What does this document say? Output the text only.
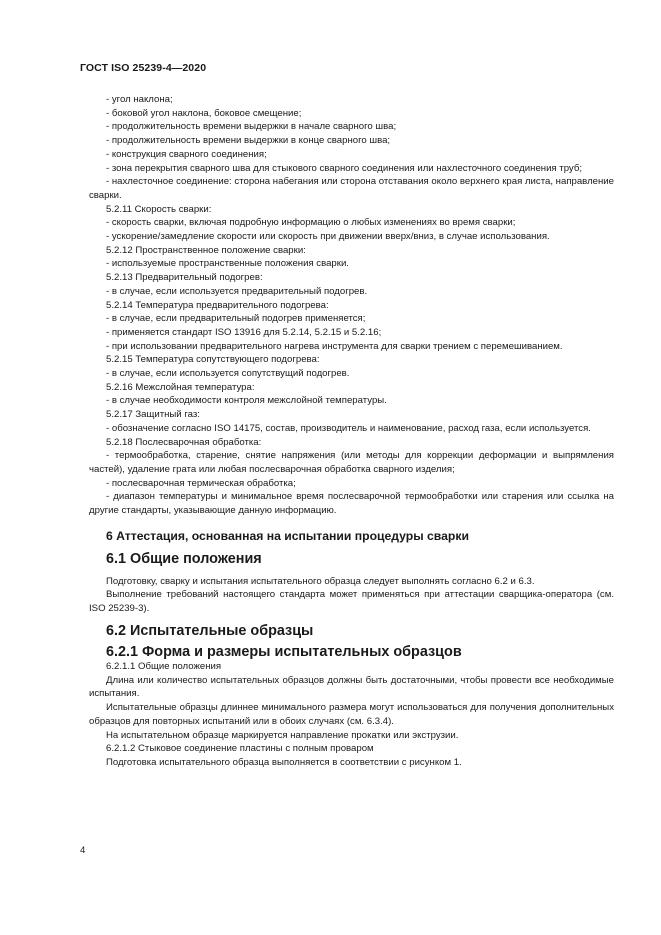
ГОСТ ISO 25239-4—2020

- угол наклона;

- боковой угол наклона, боковое смещение;

- продолжительность времени выдержки в начале сварного шва;

- продолжительность времени выдержки в конце сварного шва;

- конструкция сварного соединения;

- зона перекрытия сварного шва для стыкового сварного соединения или нахлесточного соединения труб;

- нахлесточное соединение: сторона набегания или сторона отставания около верхнего края листа, направление сварки.

5.2.11 Скорость сварки:

- скорость сварки, включая подробную информацию о любых изменениях во время сварки;

- ускорение/замедление скорости или скорость при движении вверх/вниз, в случае использования.

5.2.12 Пространственное положение сварки:

- используемые пространственные положения сварки.

5.2.13 Предварительный подогрев:

- в случае, если используется предварительный подогрев.

5.2.14 Температура предварительного подогрева:

- в случае, если предварительный подогрев применяется;

- применяется стандарт ISO 13916 для 5.2.14, 5.2.15 и 5.2.16;

- при использовании предварительного нагрева инструмента для сварки трением с перемешиванием.

5.2.15 Температура сопутствующего подогрева:

- в случае, если используется сопутствущий подогрев.

5.2.16 Межслойная температура:

- в случае необходимости контроля межслойной температуры.

5.2.17 Защитный газ:

- обозначение согласно ISO 14175, состав, производитель и наименование, расход газа, если используется.

5.2.18 Послесварочная обработка:

- термообработка, старение, снятие напряжения (или методы для коррекции деформации и выпрямления частей), удаление грата или любая послесварочная обработка сварного изделия;

- послесварочная термическая обработка;

- диапазон температуры и минимальное время послесварочной термообработки или старения или ссылка на другие стандарты, указывающие данную информацию.

6 Аттестация, основанная на испытании процедуры сварки
6.1 Общие положения

Подготовку, сварку и испытания испытательного образца следует выполнять согласно 6.2 и 6.3.

Выполнение требований настоящего стандарта может применяться при аттестации сварщика-оператора (см. ISO 25239-3).

6.2 Испытательные образцы
6.2.1 Форма и размеры испытательных образцов

6.2.1.1 Общие положения

Длина или количество испытательных образцов должны быть достаточными, чтобы провести все необходимые испытания.

Испытательные образцы длиннее минимального размера могут использоваться для получения дополнительных образцов для повторных испытаний или в обоих случаях (см. 6.3.4).

На испытательном образце маркируется направление прокатки или экструзии.

6.2.1.2 Стыковое соединение пластины с полным проваром

Подготовка испытательного образца выполняется в соответствии с рисунком 1.

4
